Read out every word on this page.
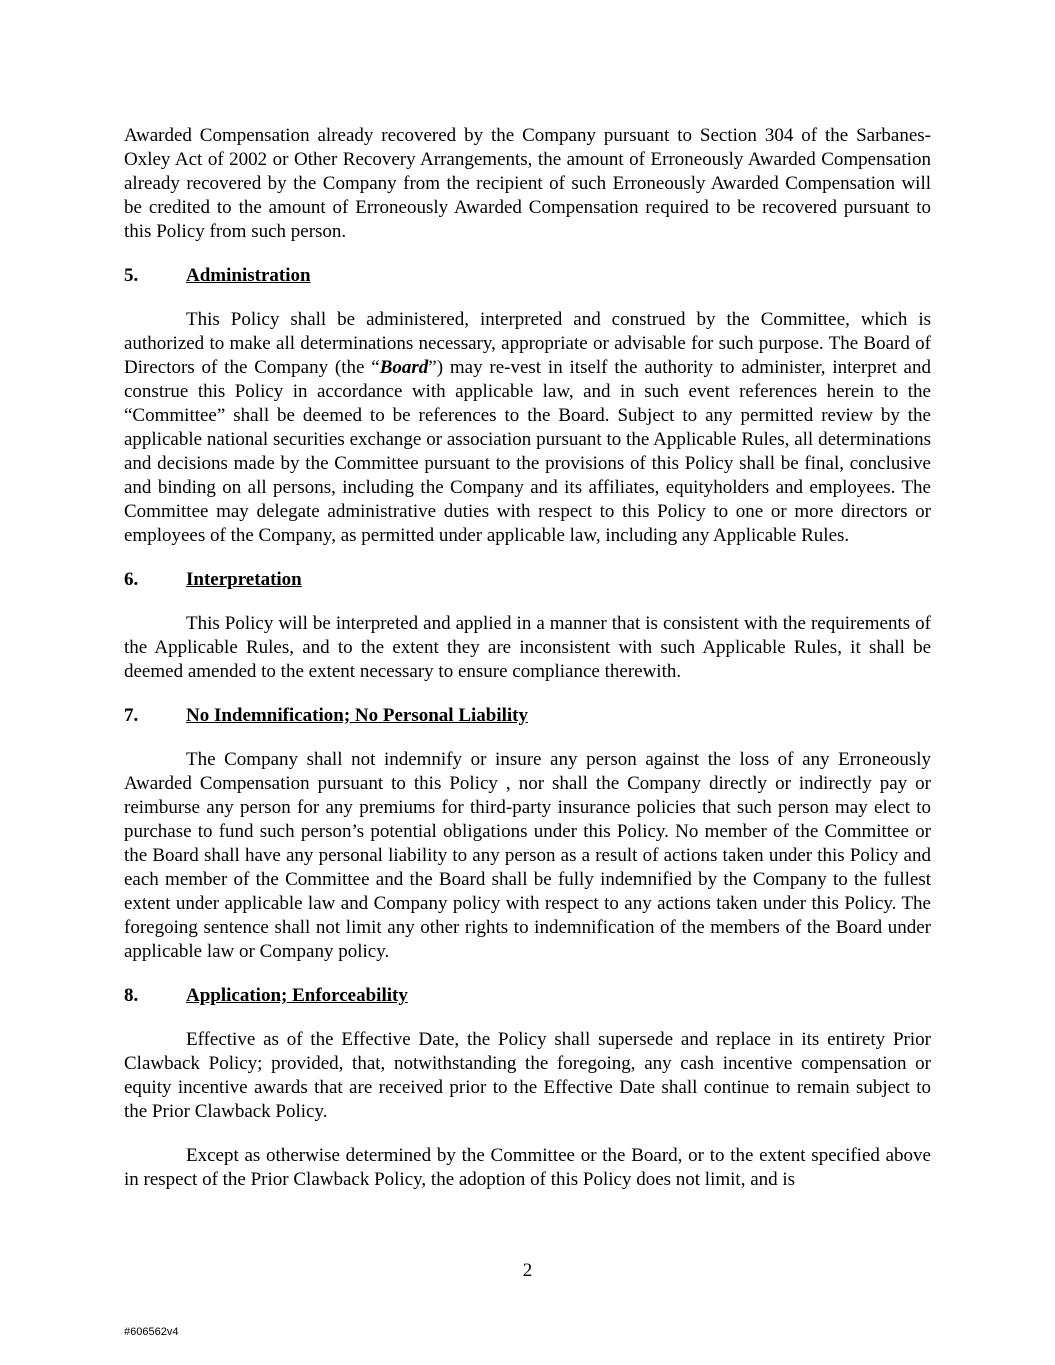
Awarded Compensation already recovered by the Company pursuant to Section 304 of the Sarbanes-Oxley Act of 2002 or Other Recovery Arrangements, the amount of Erroneously Awarded Compensation already recovered by the Company from the recipient of such Erroneously Awarded Compensation will be credited to the amount of Erroneously Awarded Compensation required to be recovered pursuant to this Policy from such person.

5.	Administration

This Policy shall be administered, interpreted and construed by the Committee, which is authorized to make all determinations necessary, appropriate or advisable for such purpose. The Board of Directors of the Company (the “Board”) may re-vest in itself the authority to administer, interpret and construe this Policy in accordance with applicable law, and in such event references herein to the “Committee” shall be deemed to be references to the Board. Subject to any permitted review by the applicable national securities exchange or association pursuant to the Applicable Rules, all determinations and decisions made by the Committee pursuant to the provisions of this Policy shall be final, conclusive and binding on all persons, including the Company and its affiliates, equityholders and employees. The Committee may delegate administrative duties with respect to this Policy to one or more directors or employees of the Company, as permitted under applicable law, including any Applicable Rules.

6.	Interpretation

This Policy will be interpreted and applied in a manner that is consistent with the requirements of the Applicable Rules, and to the extent they are inconsistent with such Applicable Rules, it shall be deemed amended to the extent necessary to ensure compliance therewith.

7.	No Indemnification; No Personal Liability

The Company shall not indemnify or insure any person against the loss of any Erroneously Awarded Compensation pursuant to this Policy , nor shall the Company directly or indirectly pay or reimburse any person for any premiums for third-party insurance policies that such person may elect to purchase to fund such person’s potential obligations under this Policy. No member of the Committee or the Board shall have any personal liability to any person as a result of actions taken under this Policy and each member of the Committee and the Board shall be fully indemnified by the Company to the fullest extent under applicable law and Company policy with respect to any actions taken under this Policy. The foregoing sentence shall not limit any other rights to indemnification of the members of the Board under applicable law or Company policy.

8.	Application; Enforceability

Effective as of the Effective Date, the Policy shall supersede and replace in its entirety Prior Clawback Policy; provided, that, notwithstanding the foregoing, any cash incentive compensation or equity incentive awards that are received prior to the Effective Date shall continue to remain subject to the Prior Clawback Policy.

Except as otherwise determined by the Committee or the Board, or to the extent specified above in respect of the Prior Clawback Policy, the adoption of this Policy does not limit, and is

2
#606562v4
